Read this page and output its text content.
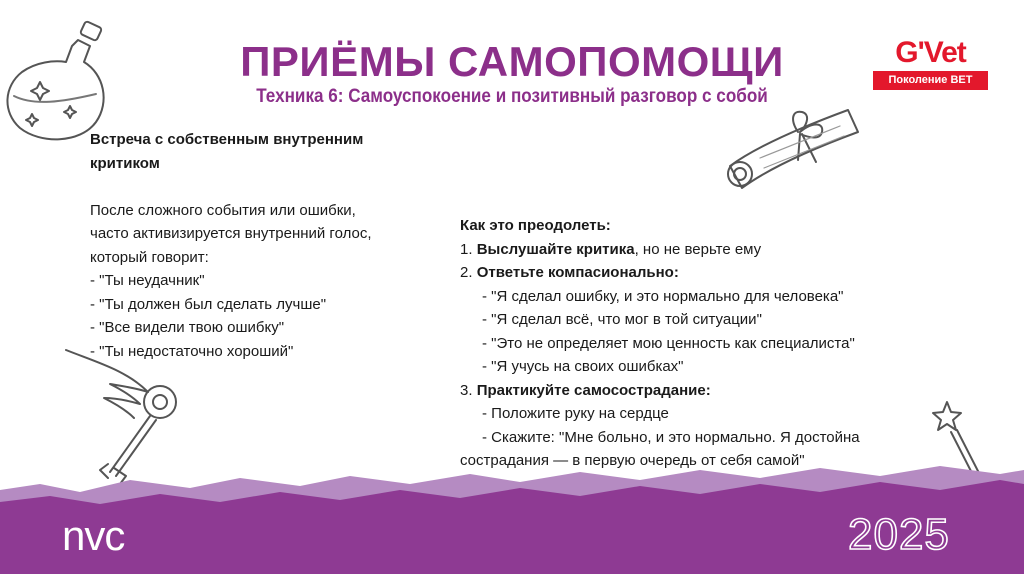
nvc	2025
ПРИЁМЫ САМОПОМОЩИ
Техника 6: Самоуспокоение и позитивный разговор с собой
G'Vet
Поколение ВЕТ
Встреча с собственным внутренним
критиком
После сложного события или ошибки,
часто активизируется внутренний голос,
который говорит:
- "Ты неудачник"
- "Ты должен был сделать лучше"
- "Все видели твою ошибку"
- "Ты недостаточно хороший"
Как это преодолеть:
1. Выслушайте критика, но не верьте ему
2. Ответьте компасионально:
- "Я сделал ошибку, и это нормально для человека"
- "Я сделал всё, что мог в той ситуации"
- "Это не определяет мою ценность как специалиста"
- "Я учусь на своих ошибках"
3. Практикуйте самосострадание:
- Положите руку на сердце
- Скажите: "Мне больно, и это нормально. Я достойна
сострадания — в первую очередь от себя самой"
